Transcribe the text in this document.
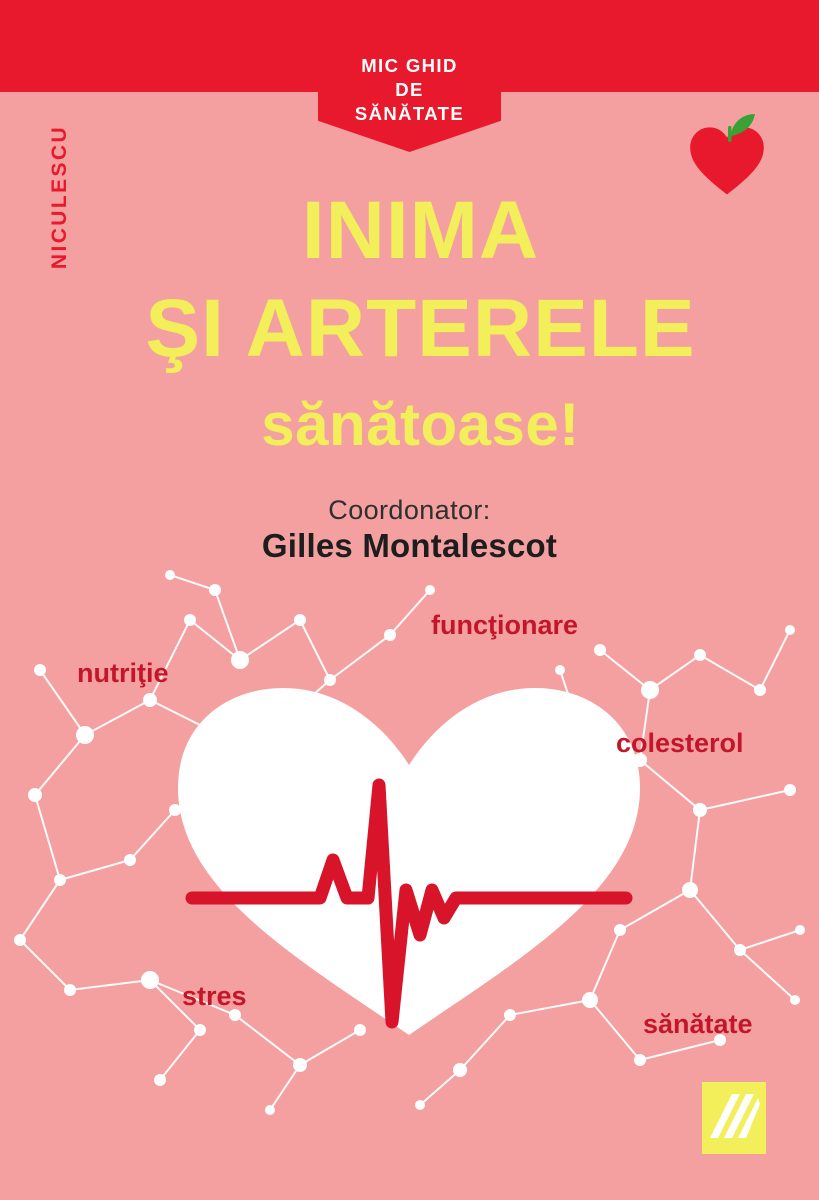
MIC GHID
DE
SĂNĂTATE
NICULESCU	INIMA
ŞI ARTERELE
sănătoase!
Coordonator:
Gilles Montalescot
nutriţie
funcţionare
colesterol
stres
sănătate
